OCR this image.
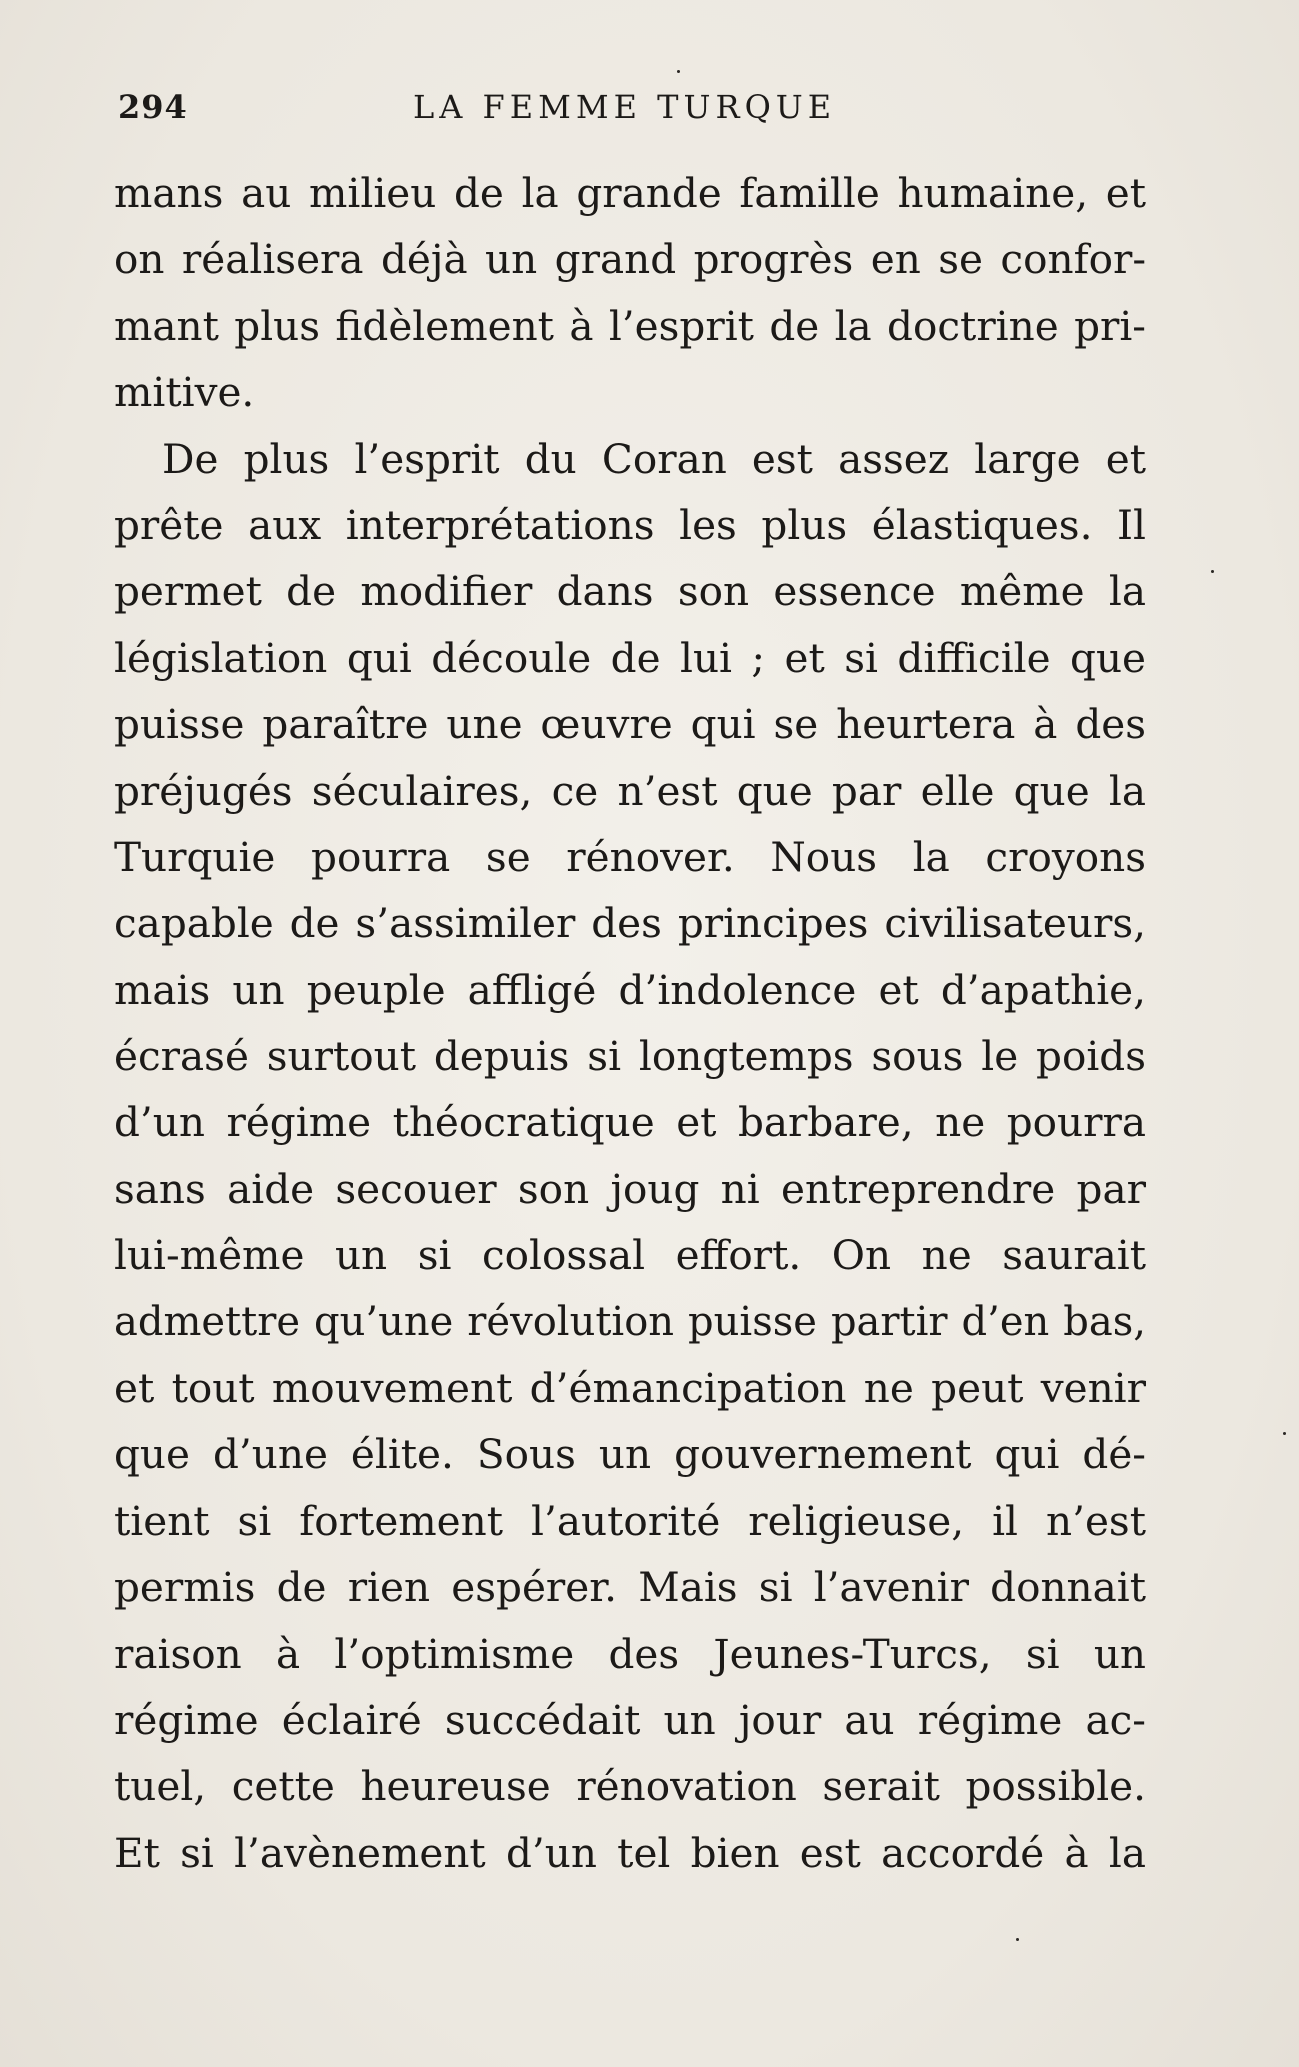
294	LA FEMME TURQUE
mans au milieu de la grande famille humaine, et
on réalisera déjà un grand progrès en se confor-
mant plus fidèlement à l’esprit de la doctrine pri-
mitive.
De plus l’esprit du Coran est assez large et
prête aux interprétations les plus élastiques. Il
permet de modifier dans son essence même la
législation qui découle de lui ; et si difficile que
puisse paraître une œuvre qui se heurtera à des
préjugés séculaires, ce n’est que par elle que la
Turquie pourra se rénover. Nous la croyons
capable de s’assimiler des principes civilisateurs,
mais un peuple affligé d’indolence et d’apathie,
écrasé surtout depuis si longtemps sous le poids
d’un régime théocratique et barbare, ne pourra
sans aide secouer son joug ni entreprendre par
lui-même un si colossal effort. On ne saurait
admettre qu’une révolution puisse partir d’en bas,
et tout mouvement d’émancipation ne peut venir
que d’une élite. Sous un gouvernement qui dé-
tient si fortement l’autorité religieuse, il n’est
permis de rien espérer. Mais si l’avenir donnait
raison à l’optimisme des Jeunes-Turcs, si un
régime éclairé succédait un jour au régime ac-
tuel, cette heureuse rénovation serait possible.
Et si l’avènement d’un tel bien est accordé à la
